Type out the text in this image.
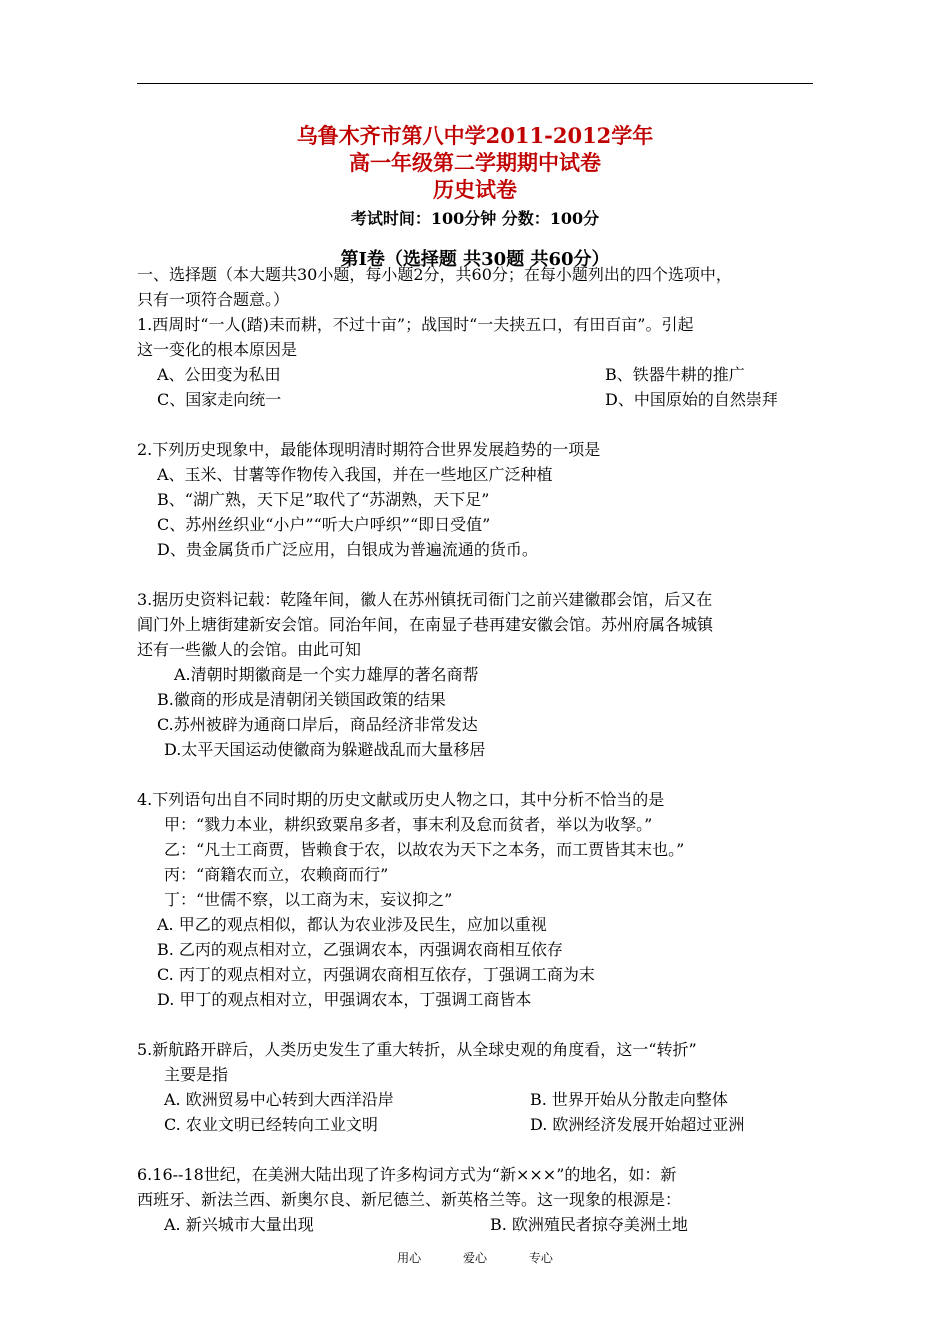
乌鲁木齐市第八中学2011-2012学年
高一年级第二学期期中试卷
历史试卷
考试时间：100分钟 分数：100分
第Ⅰ卷（选择题 共30题 共60分）

一、选择题（本大题共30小题，每小题2分，共60分；在每小题列出的四个选项中，

只有一项符合题意。）

1.西周时“一人(踏)耒而耕，不过十亩”；战国时“一夫挟五口，有田百亩”。引起

这一变化的根本原因是

A、公田变为私田	B、铁器牛耕的推广
C、国家走向统一	D、中国原始的自然崇拜

2.下列历史现象中，最能体现明清时期符合世界发展趋势的一项是

A、玉米、甘薯等作物传入我国，并在一些地区广泛种植

B、“湖广熟，天下足”取代了“苏湖熟，天下足”

C、苏州丝织业“小户”“听大户呼织”“即日受值”

D、贵金属货币广泛应用，白银成为普遍流通的货币。

3.据历史资料记载：乾隆年间，徽人在苏州镇抚司衙门之前兴建徽郡会馆，后又在

阊门外上塘街建新安会馆。同治年间，在南显子巷再建安徽会馆。苏州府属各城镇

还有一些徽人的会馆。由此可知

A.清朝时期徽商是一个实力雄厚的著名商帮

B.徽商的形成是清朝闭关锁国政策的结果

C.苏州被辟为通商口岸后，商品经济非常发达

D.太平天国运动使徽商为躲避战乱而大量移居

4.下列语句出自不同时期的历史文献或历史人物之口，其中分析不恰当的是

甲：“戮力本业，耕织致粟帛多者，事末利及怠而贫者，举以为收孥。”

乙：“凡士工商贾，皆赖食于农，以故农为天下之本务，而工贾皆其末也。”

丙：“商籍农而立，农赖商而行”

丁：“世儒不察，以工商为末，妄议抑之”

A. 甲乙的观点相似，都认为农业涉及民生，应加以重视

B. 乙丙的观点相对立，乙强调农本，丙强调农商相互依存

C. 丙丁的观点相对立，丙强调农商相互依存，丁强调工商为末

D. 甲丁的观点相对立，甲强调农本，丁强调工商皆本

5.新航路开辟后，人类历史发生了重大转折，从全球史观的角度看，这一“转折”

主要是指

A. 欧洲贸易中心转到大西洋沿岸	B. 世界开始从分散走向整体
C. 农业文明已经转向工业文明	D. 欧洲经济发展开始超过亚洲

6.16--18世纪，在美洲大陆出现了许多构词方式为“新×××”的地名，如：新

西班牙、新法兰西、新奥尔良、新尼德兰、新英格兰等。这一现象的根源是：

A. 新兴城市大量出现	B. 欧洲殖民者掠夺美洲土地
用心	爱心	专心
